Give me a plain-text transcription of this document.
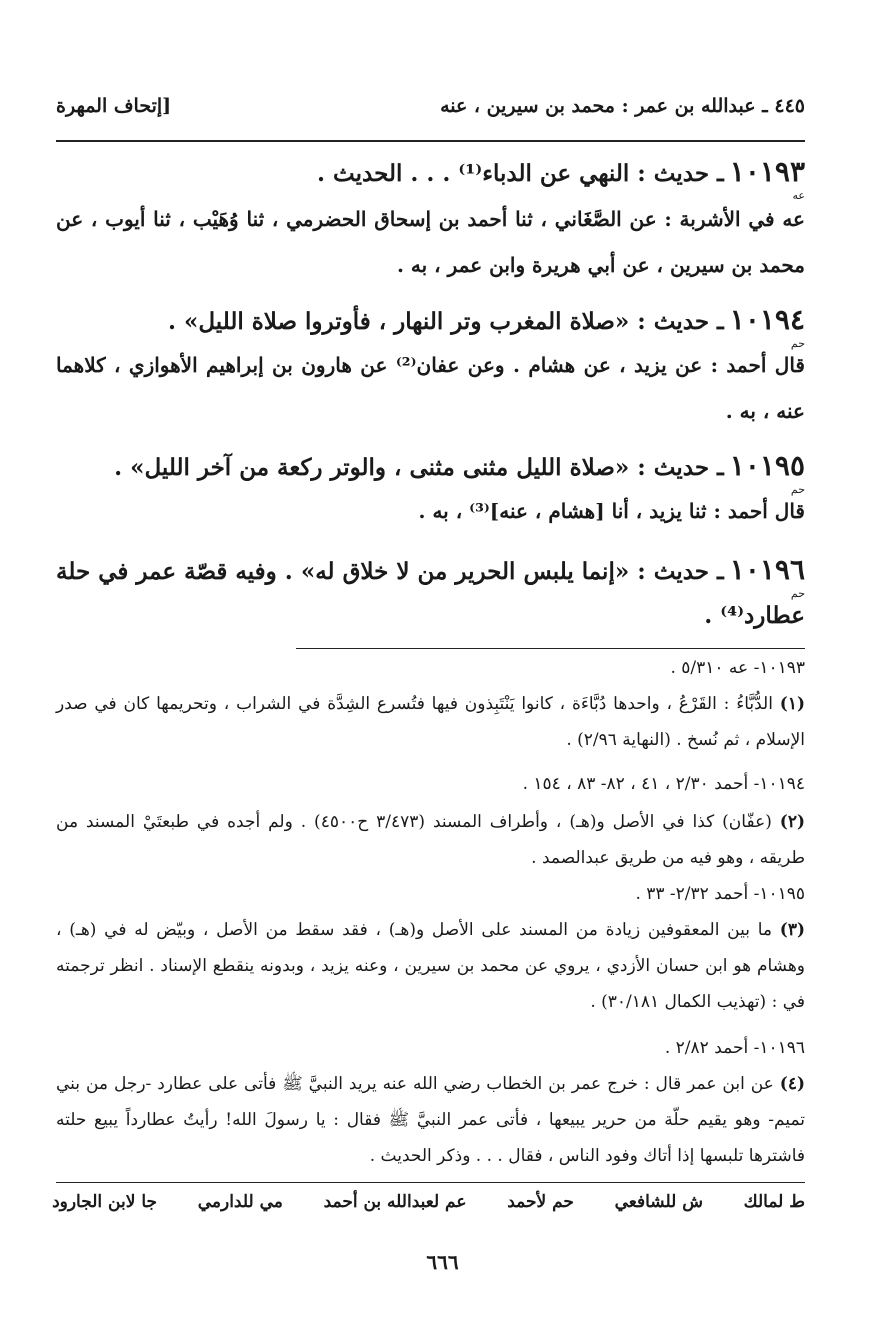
٤٤٥ ـ عبدالله بن عمر : محمد بن سيرين ، عنه
[إتحاف المهرة

١٠١٩٣ـ حديث : النهي عن الدباء⁽¹⁾ . . . الحديث .

عه

عه في الأشربة : عن الصَّغَاني ، ثنا أحمد بن إسحاق الحضرمي ، ثنا وُهَيْب ، ثنا أيوب ، عن محمد بن سيرين ، عن أبي هريرة وابن عمر ، به .

١٠١٩٤ـ حديث : «صلاة المغرب وتر النهار ، فأوتروا صلاة الليل» .

حم

قال أحمد : عن يزيد ، عن هشام . وعن عفان⁽²⁾ عن هارون بن إبراهيم الأهوازي ، كلاهما عنه ، به .

١٠١٩٥ـ حديث : «صلاة الليل مثنى مثنى ، والوتر ركعة من آخر الليل» .

حم

قال أحمد : ثنا يزيد ، أنا [هشام ، عنه]⁽³⁾ ، به .

١٠١٩٦ـ حديث : «إنما يلبس الحرير من لا خلاق له» . وفيه قصّة عمر في حلة عطارد⁽⁴⁾ .

حم
١٠١٩٣- عه ٥/٣١٠ .
(١) الدُّبَّاءُ : القَرْعُ ، واحدها دُبَّاءَة ، كانوا يَنْتَبِذون فيها فتُسرع الشِدَّة في الشراب ، وتحريمها كان في صدر الإسلام ، ثم نُسخ . (النهاية ٢/٩٦) .
١٠١٩٤- أحمد ٢/٣٠ ، ٤١ ، ٨٢- ٨٣ ، ١٥٤ .
(٢) (عفّان) كذا في الأصل و(هـ) ، وأطراف المسند (٣/٤٧٣ ح٤٥٠٠) . ولم أجده في طبعتَيْ المسند من طريقه ، وهو فيه من طريق عبدالصمد .
١٠١٩٥- أحمد ٢/٣٢- ٣٣ .
(٣) ما بين المعقوفين زيادة من المسند على الأصل و(هـ) ، فقد سقط من الأصل ، وبيّض له في (هـ) ، وهشام هو ابن حسان الأزدي ، يروي عن محمد بن سيرين ، وعنه يزيد ، وبدونه ينقطع الإسناد . انظر ترجمته في : (تهذيب الكمال ٣٠/١٨١) .
١٠١٩٦- أحمد ٢/٨٢ .
(٤) عن ابن عمر قال : خرج عمر بن الخطاب رضي الله عنه يريد النبيَّ ﷺ فأتى على عطارد -رجل من بني تميم- وهو يقيم حلّة من حرير يبيعها ، فأتى عمر النبيَّ ﷺ فقال : يا رسولَ الله! رأيتُ عطارداً يبيع حلته فاشترها تلبسها إذا أتاك وفود الناس ، فقال . . . وذكر الحديث .
ط لمالك
ش للشافعي
حم لأحمد
عم لعبدالله بن أحمد
مي للدارمي
جا لابن الجارود
٦٦٦
